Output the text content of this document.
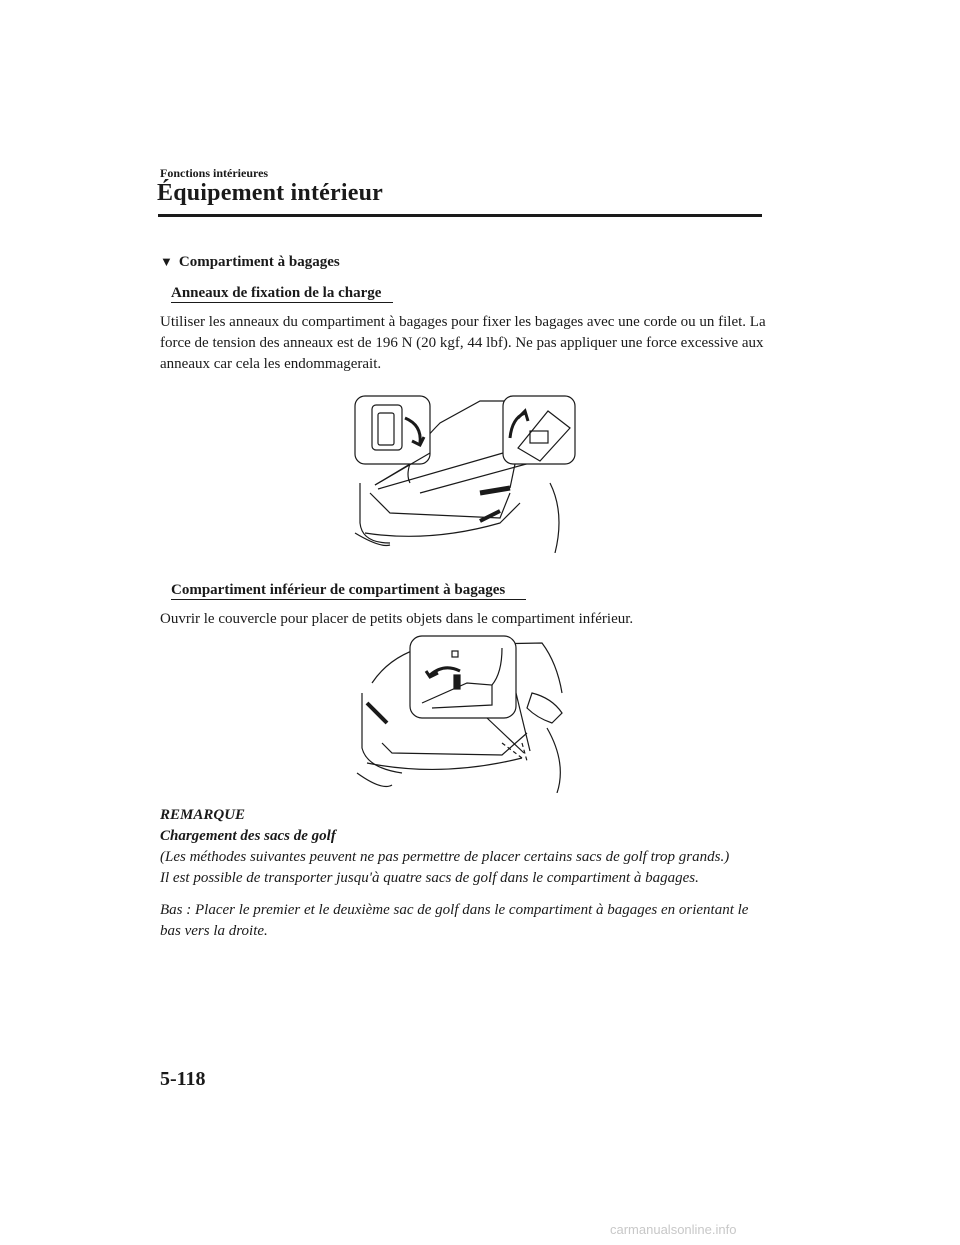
Fonctions intérieures
Équipement intérieur
▼ Compartiment à bagages
Anneaux de fixation de la charge
Utiliser les anneaux du compartiment à bagages pour fixer les bagages avec une corde ou un filet. La force de tension des anneaux est de 196 N (20 kgf, 44 lbf). Ne pas appliquer une force excessive aux anneaux car cela les endommagerait.
Compartiment inférieur de compartiment à bagages
Ouvrir le couvercle pour placer de petits objets dans le compartiment inférieur.
REMARQUE
Chargement des sacs de golf
(Les méthodes suivantes peuvent ne pas permettre de placer certains sacs de golf trop grands.)
Il est possible de transporter jusqu'à quatre sacs de golf dans le compartiment à bagages.
Bas : Placer le premier et le deuxième sac de golf dans le compartiment à bagages en orientant le bas vers la droite.
5-118
carmanualsonline.info
